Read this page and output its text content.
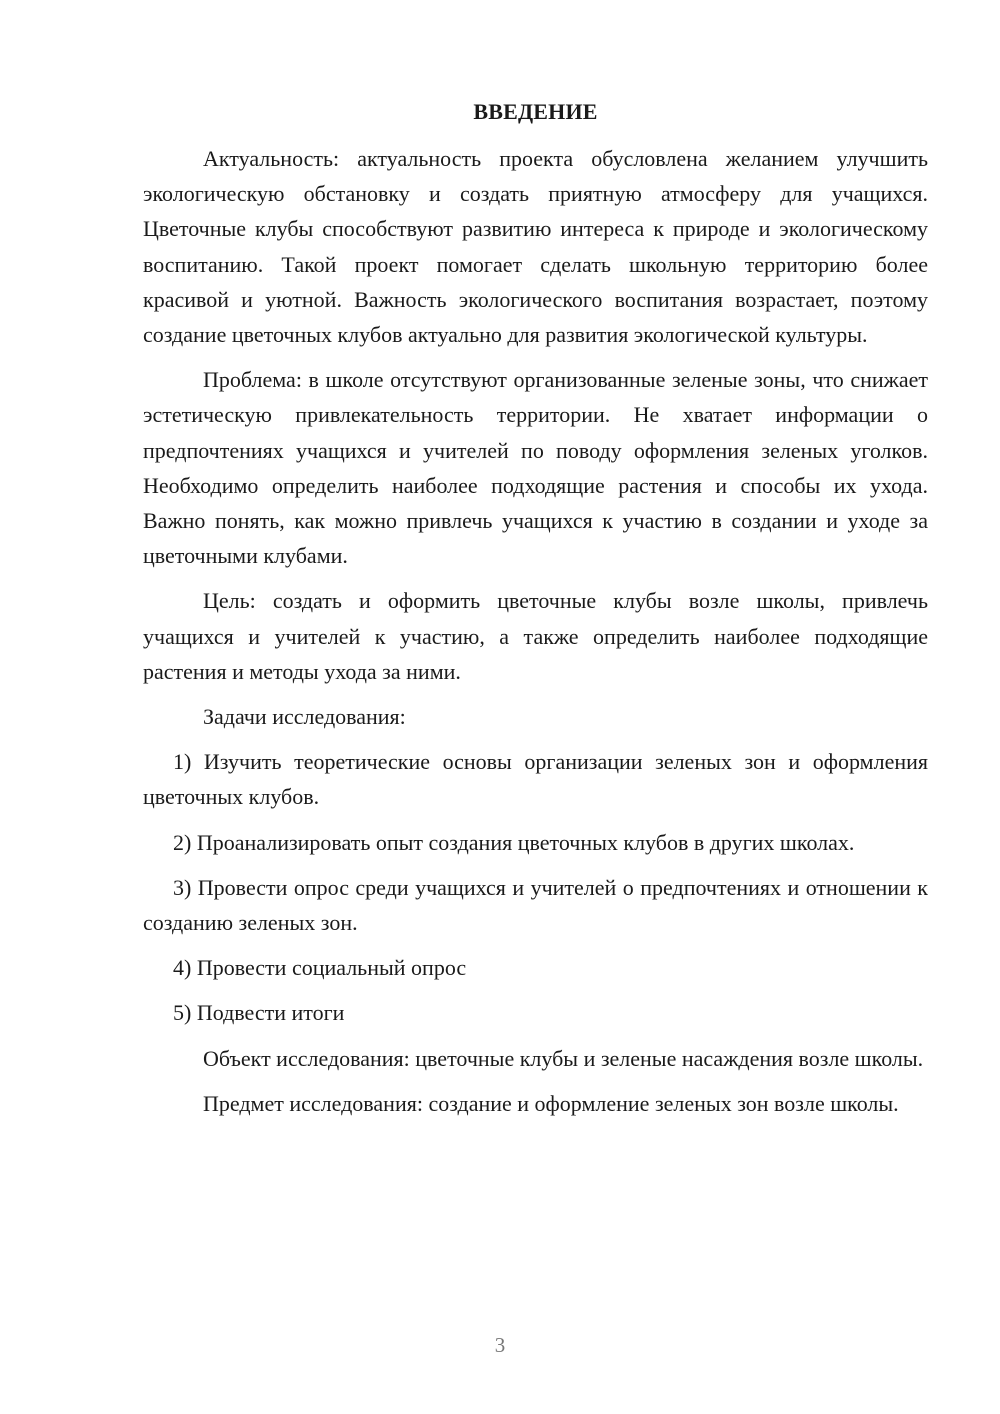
ВВЕДЕНИЕ

Актуальность: актуальность проекта обусловлена желанием улучшить экологическую обстановку и создать приятную атмосферу для учащихся. Цветочные клубы способствуют развитию интереса к природе и экологическому воспитанию. Такой проект помогает сделать школьную территорию более красивой и уютной. Важность экологического воспитания возрастает, поэтому создание цветочных клубов актуально для развития экологической культуры.

Проблема: в школе отсутствуют организованные зеленые зоны, что снижает эстетическую привлекательность территории. Не хватает информации о предпочтениях учащихся и учителей по поводу оформления зеленых уголков. Необходимо определить наиболее подходящие растения и способы их ухода. Важно понять, как можно привлечь учащихся к участию в создании и уходе за цветочными клубами.

Цель: создать и оформить цветочные клубы возле школы, привлечь учащихся и учителей к участию, а также определить наиболее подходящие растения и методы ухода за ними.

Задачи исследования:

1) Изучить теоретические основы организации зеленых зон и оформления цветочных клубов.

2) Проанализировать опыт создания цветочных клубов в других школах.

3) Провести опрос среди учащихся и учителей о предпочтениях и отношении к созданию зеленых зон.

4) Провести социальный опрос

5) Подвести итоги

Объект исследования: цветочные клубы и зеленые насаждения возле школы.

Предмет исследования: создание и оформление зеленых зон возле школы.

3
